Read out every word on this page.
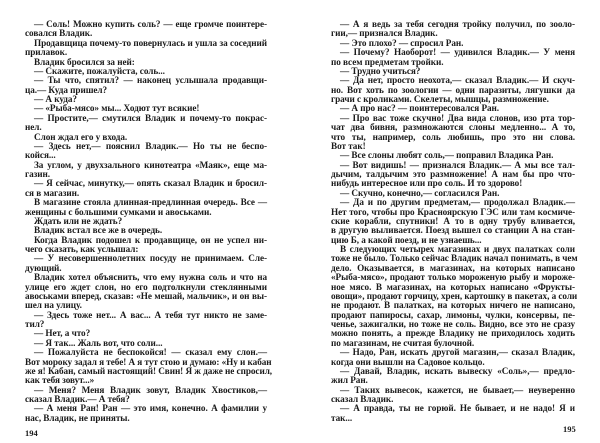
— Соль! Можно купить соль? — еще громче поинтере-
совался Владик.
Продавщица почему-то повернулась и ушла за соседний
прилавок.
Владик бросился за ней:
— Скажите, пожалуйста, соль...
— Ты что, спятил? — наконец услышала продавщи-
ца.— Куда пришел?
— А куда?
— «Рыба-мясо» мы... Ходют тут всякие!
— Простите,— смутился Владик и почему-то покрас-
нел.
Слон ждал его у входа.
— Здесь нет,— пояснил Владик.— Но ты не беспо-
койся...
За углом, у двухзального кинотеатра «Маяк», еще ма-
газин.
— Я сейчас, минутку,— опять сказал Владик и бросил-
ся в магазин.
В магазине стояла длинная-предлинная очередь. Все —
женщины с большими сумками и авоськами.
Ждать или не ждать?
Владик встал все же в очередь.
Когда Владик подошел к продавщице, он не успел ни-
чего сказать, как услышал:
— У несовершеннолетних посуду не принимаем. Сле-
дующий.
Владик хотел объяснить, что ему нужна соль и что на
улице его ждет слон, но его подтолкнули стеклянными
авоськами вперед, сказав: «Не мешай, мальчик», и он вы-
шел на улицу.
— Здесь тоже нет... А вас... А тебя тут никто не заме-
тил?
— Нет, а что?
— Я так... Жаль вот, что соли...
— Пожалуйста не беспокойся! — сказал ему слон.—
Вот мороку задал я тебе! А я тут стою и думаю: «Ну и кабан
же я! Кабан, самый настоящий! Свин! Я ж даже не спросил,
как тебя зовут...»
— Меня? Меня Владик зовут, Владик Хвостиков,—
сказал Владик.— А тебя?
— А меня Ран! Ран — это имя, конечно. А фамилии у
нас, Владик, не приняты.
— А я ведь за тебя сегодня тройку получил, по зооло-
гии,— признался Владик.
— Это плохо? — спросил Ран.
— Почему? Наоборот! — удивился Владик.— У меня
по всем предметам тройки.
— Трудно учиться?
— Да нет, просто неохота,— сказал Владик.— И скуч-
но. Вот хоть по зоологии — одни паразиты, лягушки да
грачи с кроликами. Скелеты, мышцы, размножение.
— А про нас? — поинтересовался Ран.
— Про вас тоже скучно! Два вида слонов, изо рта тор-
чат два бивня, размножаются слоны медленно... А то,
что ты, например, соль любишь, про это ни слова.
Вот так!
— Все слоны любят соль,— поправил Владика Ран.
— Вот видишь! — признался Владик.— А мы все тал-
дычим, талдычим это размножение! А нам бы про что-
нибудь интересное или про соль. И то здорово!
— Скучно, конечно,— согласился Ран.
— Да и по другим предметам,— продолжал Владик.—
Нет того, чтобы про Красноярскую ГЭС или там космиче-
ские корабли, спутники! А то в одну трубу вливается,
в другую выливается. Поезд вышел со станции А на стан-
цию Б, а какой поезд, и не узнаешь...
В следующих четырех магазинах и двух палатках соли
тоже не было. Только сейчас Владик начал понимать, в чем
дело. Оказывается, в магазинах, на которых написано
«Рыба-мясо», продают только мороженую рыбу и мороже-
ное мясо. В магазинах, на которых написано «Фрукты-
овощи», продают горчицу, хрен, картошку в пакетах, а соли
не продают. В палатках, на которых ничего не написано,
продают папиросы, сахар, лимоны, чулки, консервы, пе-
ченье, зажигалки, но тоже не соль. Видно, все это не сразу
можно понять, а прежде Владику не приходилось ходить
по магазинам, не считая булочной.
— Надо, Ран, искать другой магазин,— сказал Владик,
когда они вышли на Садовое кольцо.
— Давай, Владик, искать вывеску «Соль»,— предло-
жил Ран.
— Таких вывесок, кажется, не бывает,— неуверенно
сказал Владик.
— А правда, ты не горюй. Не бывает, и не надо! Я и
так...
194	195
